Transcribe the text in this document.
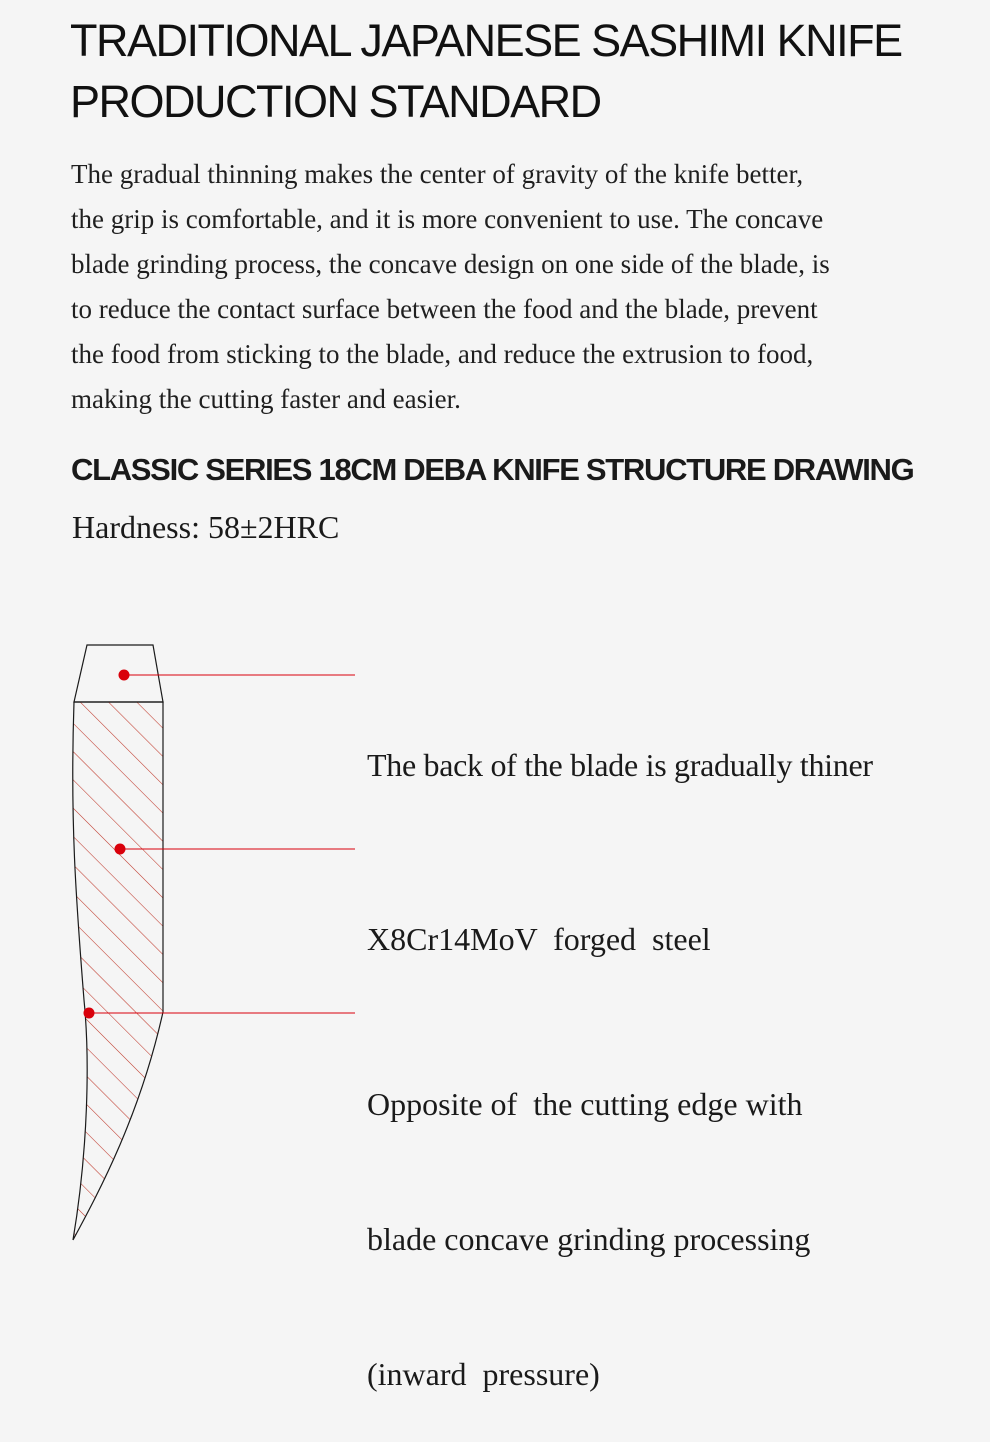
TRADITIONAL JAPANESE SASHIMI KNIFE
PRODUCTION STANDARD
The gradual thinning makes the center of gravity of the knife better,
the grip is comfortable, and it is more convenient to use. The concave
blade grinding process, the concave design on one side of the blade, is
to reduce the contact surface between the food and the blade, prevent
the food from sticking to the blade, and reduce the extrusion to food,
making the cutting faster and easier.
CLASSIC SERIES 18CM DEBA KNIFE STRUCTURE DRAWING
Hardness: 58±2HRC

The back of the blade is gradually thiner

X8Cr14MoV  forged  steel

Opposite of  the cutting edge with

blade concave grinding processing

(inward  pressure)
